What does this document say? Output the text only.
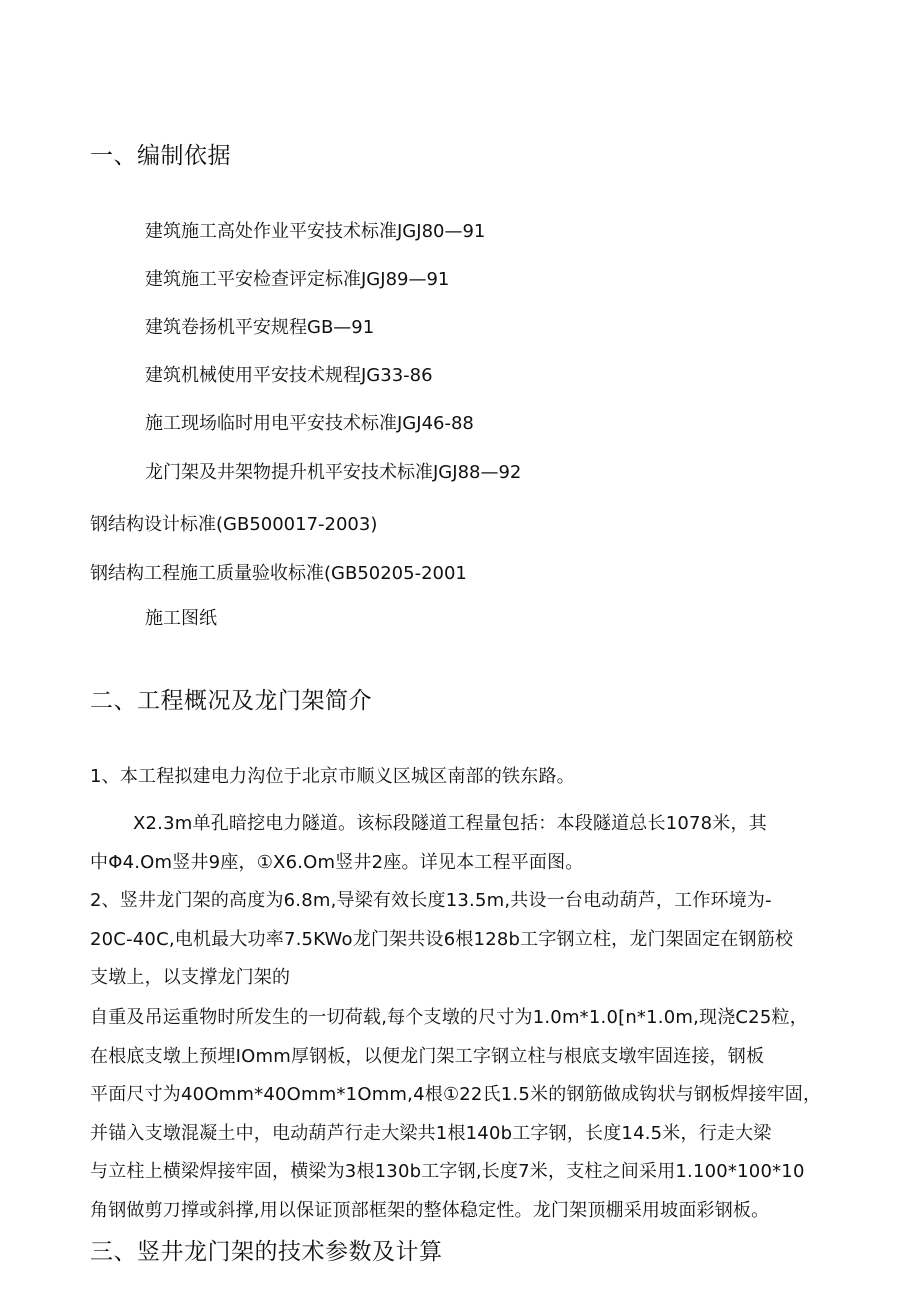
一、编制依据
建筑施工高处作业平安技术标准JGJ80—91
建筑施工平安检查评定标准JGJ89—91
建筑卷扬机平安规程GB—91
建筑机械使用平安技术规程JG33-86
施工现场临时用电平安技术标准JGJ46-88
龙门架及井架物提升机平安技术标准JGJ88—92
钢结构设计标准(GB500017-2003)
钢结构工程施工质量验收标准(GB50205-2001
施工图纸
二、工程概况及龙门架简介
1、本工程拟建电力沟位于北京市顺义区城区南部的铁东路。
X2.3m单孔暗挖电力隧道。该标段隧道工程量包括：本段隧道总长1078米，其
中Φ4.Om竖井9座，①X6.Om竖井2座。详见本工程平面图。
2、竖井龙门架的高度为6.8m,导梁有效长度13.5m,共设一台电动葫芦，工作环境为-
20C-40C,电机最大功率7.5KWo龙门架共设6根128b工字钢立柱，龙门架固定在钢筋校
支墩上，以支撑龙门架的
自重及吊运重物时所发生的一切荷载,每个支墩的尺寸为1.0m*1.0[n*1.0m,现浇C25粒，
在根底支墩上预埋IOmm厚钢板，以便龙门架工字钢立柱与根底支墩牢固连接，钢板
平面尺寸为40Omm*40Omm*1Omm,4根①22氏1.5米的钢筋做成钩状与钢板焊接牢固，
并锚入支墩混凝土中，电动葫芦行走大梁共1根140b工字钢，长度14.5米，行走大梁
与立柱上横梁焊接牢固，横梁为3根130b工字钢,长度7米，支柱之间采用1.100*100*10
角钢做剪刀撑或斜撑,用以保证顶部框架的整体稳定性。龙门架顶棚采用坡面彩钢板。
三、竖井龙门架的技术参数及计算
